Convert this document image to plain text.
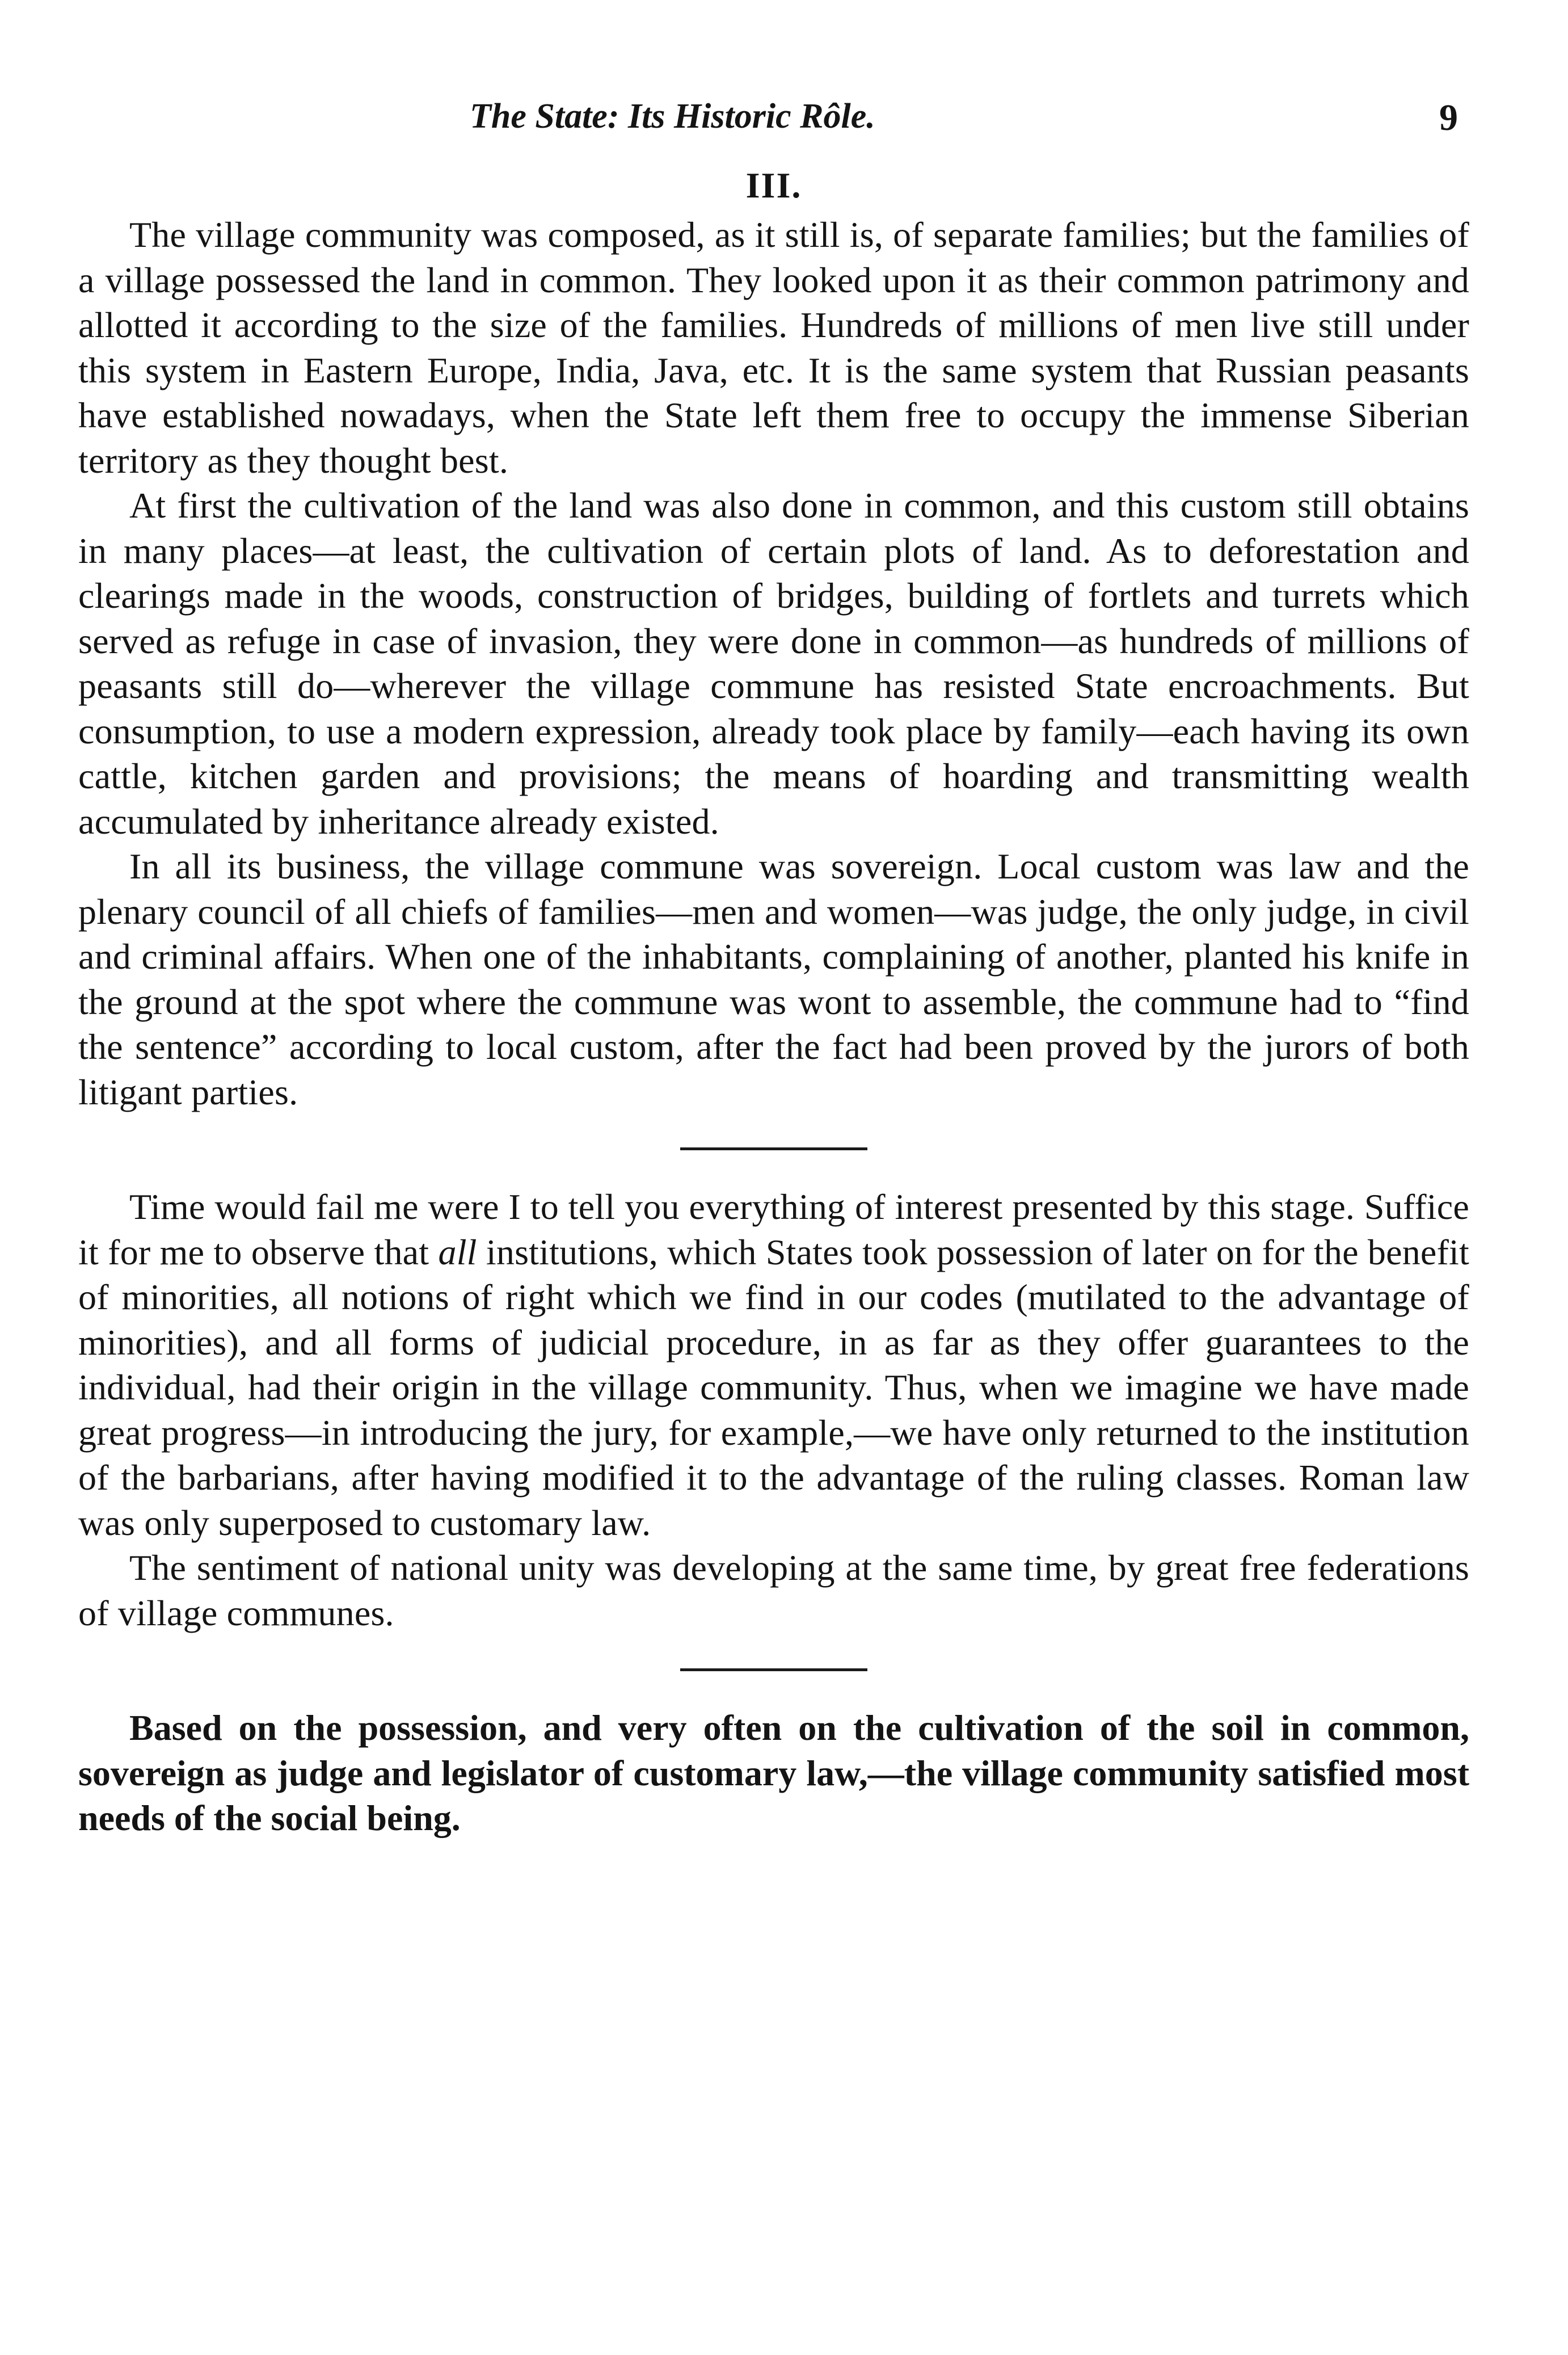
The State: Its Historic Rôle.	9
III.

The village community was composed, as it still is, of separate families; but the families of a village possessed the land in common. They looked upon it as their common patrimony and allotted it according to the size of the families. Hundreds of millions of men live still under this system in Eastern Europe, India, Java, etc. It is the same system that Russian peasants have established nowadays, when the State left them free to occupy the immense Siberian territory as they thought best.

At first the cultivation of the land was also done in common, and this custom still obtains in many places—at least, the cultivation of certain plots of land. As to deforestation and clearings made in the woods, construction of bridges, building of fortlets and turrets which served as refuge in case of invasion, they were done in common—as hundreds of millions of peasants still do—wherever the village commune has resisted State encroachments. But consumption, to use a modern expression, already took place by family—each having its own cattle, kitchen garden and provisions; the means of hoarding and transmitting wealth accumulated by inheritance already existed.

In all its business, the village commune was sovereign. Local custom was law and the plenary council of all chiefs of families—men and women—was judge, the only judge, in civil and criminal affairs. When one of the inhabitants, complaining of another, planted his knife in the ground at the spot where the commune was wont to assemble, the commune had to “find the sentence” according to local custom, after the fact had been proved by the jurors of both litigant parties.

Time would fail me were I to tell you everything of interest presented by this stage. Suffice it for me to observe that all institutions, which States took possession of later on for the benefit of minorities, all notions of right which we find in our codes (mutilated to the advantage of minorities), and all forms of judicial procedure, in as far as they offer guarantees to the individual, had their origin in the village community. Thus, when we imagine we have made great progress—in introducing the jury, for example,—we have only returned to the institution of the barbarians, after having modified it to the advantage of the ruling classes. Roman law was only superposed to customary law.

The sentiment of national unity was developing at the same time, by great free federations of village communes.

Based on the possession, and very often on the cultivation of the soil in common, sovereign as judge and legislator of customary law,—the village community satisfied most needs of the social being.
